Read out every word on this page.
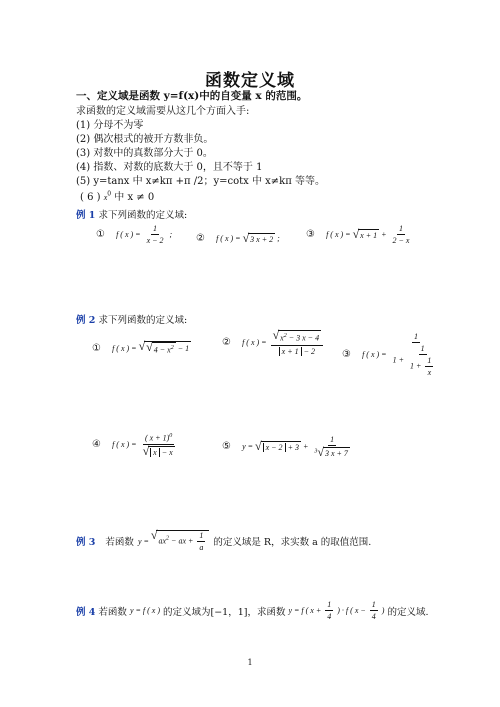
函数定义域
一、定义域是函数 y=f(x)中的自变量 x 的范围。
求函数的定义域需要从这几个方面入手:
(1) 分母不为零
(2) 偶次根式的被开方数非负。
(3) 对数中的真数部分大于 0。
(4) 指数、对数的底数大于 0，且不等于 1
(5) y=tanx 中 x≠kπ +π /2；y=cotx 中 x≠kπ 等等。
( 6 ) $x^0$ 中 x ≠ 0
例 1 求下列函数的定义域:
① f ( x ) = $\frac{1}{x - 2}$ ; ② f ( x ) = √ 3 x + 2 ;	③ f ( x ) = √ $x + 1 + \frac{1}{2 - x}$
例 2 求下列函数的定义域:
① f ( x ) = √ √ $4 - x^2 - 1$
② f ( x ) = $\frac{√ x^2 - 3 x - 4}{x + 1 - 2}$ ③ f ( x ) = $\frac{1}{1 + \frac{1}{1 + \frac{1}{x}}}$
④ f ( x ) = $\frac{( x + 1)^0}{√ x - x}$	⑤ y = √ $x - 2 + 3 + \frac{1}{^3 √ 3 x + 7}$
例 3 若函数 y = √ $ax^2$ − ax + $\frac{1}{a}$ 的定义域是 R，求实数 a 的取值范围.
例 4 若函数 y = f ( x ) 的定义域为[−1，1]，求函数 y = f ( $x + \frac{1}{4}$ ) · f ( $x - \frac{1}{4}$ ) 的定义域.
1
